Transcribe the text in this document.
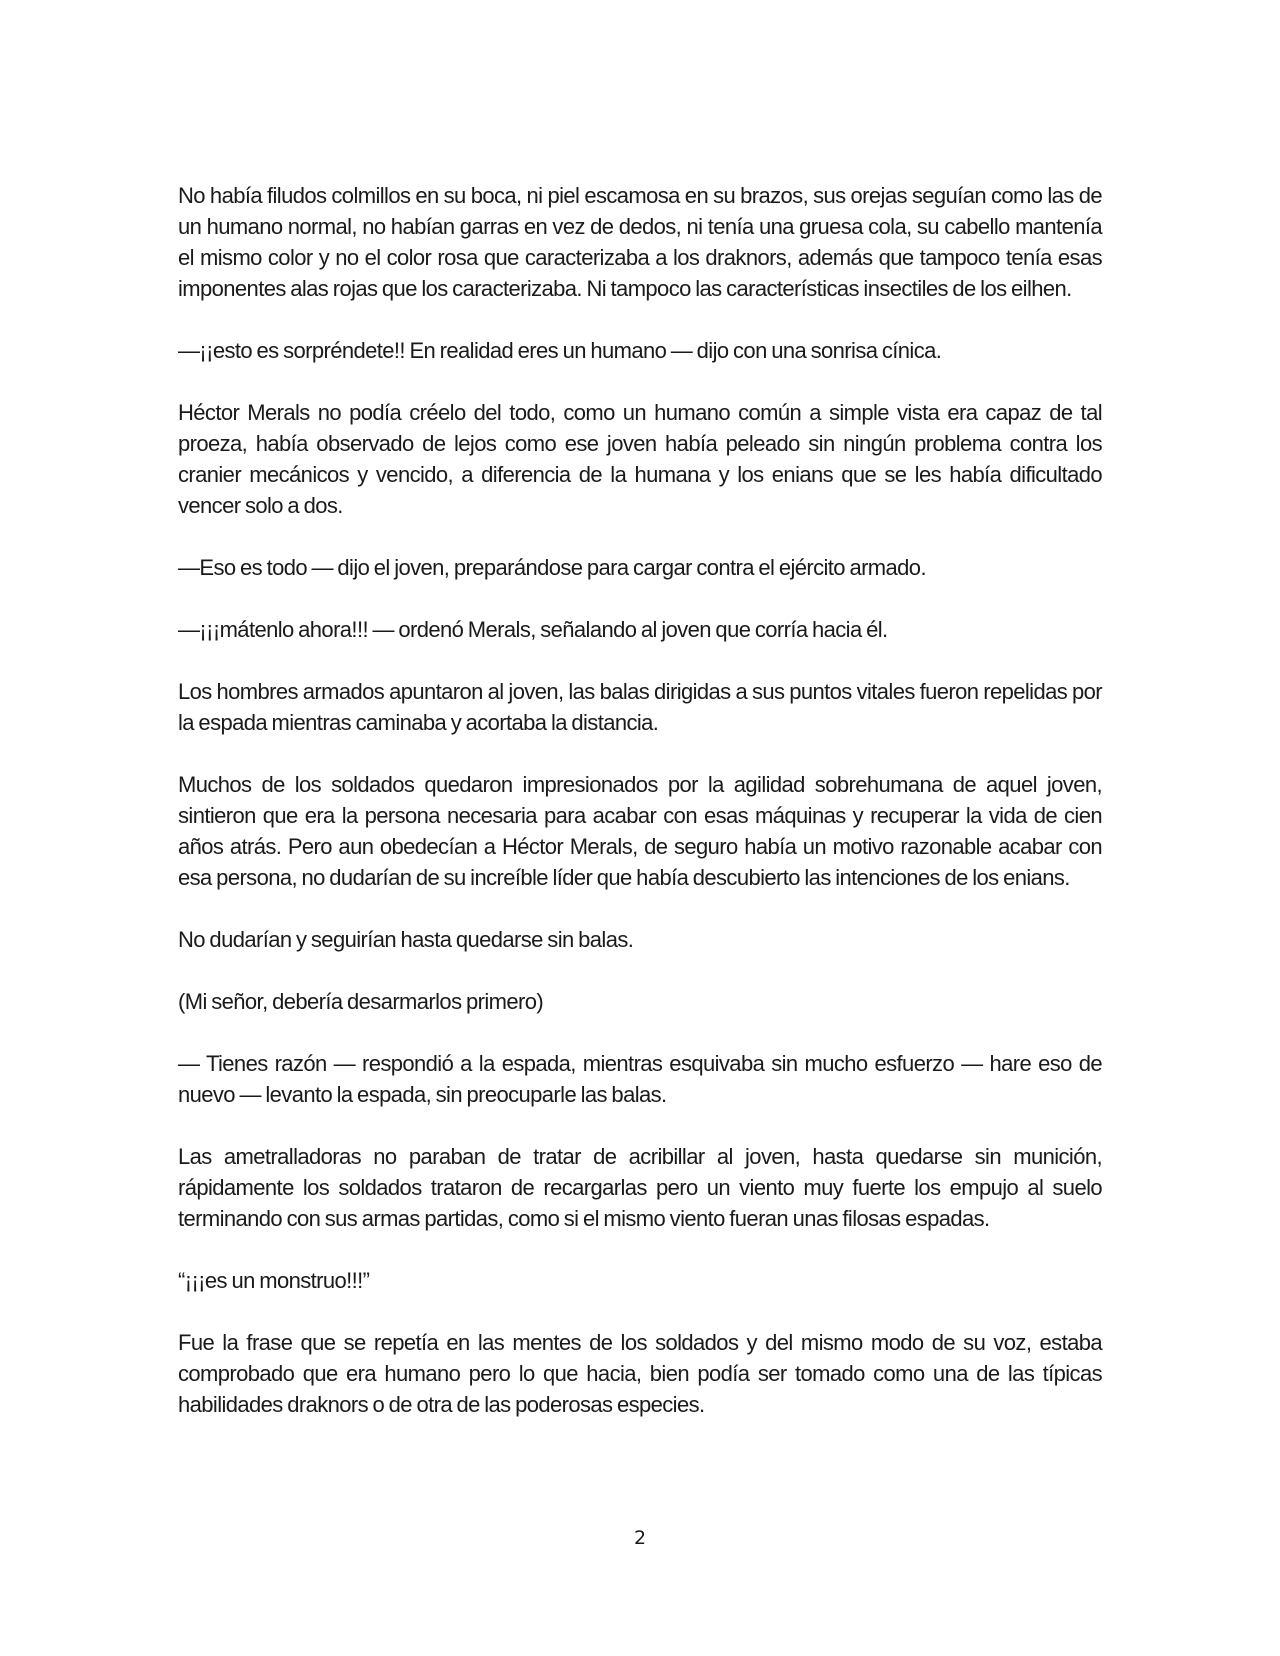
No había filudos colmillos en su boca, ni piel escamosa en su brazos, sus orejas seguían como las de un humano normal, no habían garras en vez de dedos, ni tenía una gruesa cola, su cabello mantenía el mismo color y no el color rosa que caracterizaba a los draknors, además que tampoco tenía esas imponentes alas rojas que los caracterizaba. Ni tampoco las características insectiles de los eilhen.

—¡¡esto es sorpréndete!! En realidad eres un humano — dijo con una sonrisa cínica.

Héctor Merals no podía créelo del todo, como un humano común a simple vista era capaz de tal proeza, había observado de lejos como ese joven había peleado sin ningún problema contra los cranier mecánicos y vencido, a diferencia de la humana y los enians que se les había dificultado vencer solo a dos.

—Eso es todo — dijo el joven, preparándose para cargar contra el ejército armado.

—¡¡¡mátenlo ahora!!! — ordenó Merals, señalando al joven que corría hacia él.

Los hombres armados apuntaron al joven, las balas dirigidas a sus puntos vitales fueron repelidas por la espada mientras caminaba y acortaba la distancia.

Muchos de los soldados quedaron impresionados por la agilidad sobrehumana de aquel joven, sintieron que era la persona necesaria para acabar con esas máquinas y recuperar la vida de cien años atrás. Pero aun obedecían a Héctor Merals, de seguro había un motivo razonable acabar con esa persona, no dudarían de su increíble líder que había descubierto las intenciones de los enians.

No dudarían y seguirían hasta quedarse sin balas.

(Mi señor, debería desarmarlos primero)

— Tienes razón — respondió a la espada, mientras esquivaba sin mucho esfuerzo — hare eso de nuevo — levanto la espada, sin preocuparle las balas.

Las ametralladoras no paraban de tratar de acribillar al joven, hasta quedarse sin munición, rápidamente los soldados trataron de recargarlas pero un viento muy fuerte los empujo al suelo terminando con sus armas partidas, como si el mismo viento fueran unas filosas espadas.

“¡¡¡es un monstruo!!!”

Fue la frase que se repetía en las mentes de los soldados y del mismo modo de su voz, estaba comprobado que era humano pero lo que hacia, bien podía ser tomado como una de las típicas habilidades draknors o de otra de las poderosas especies.

2
